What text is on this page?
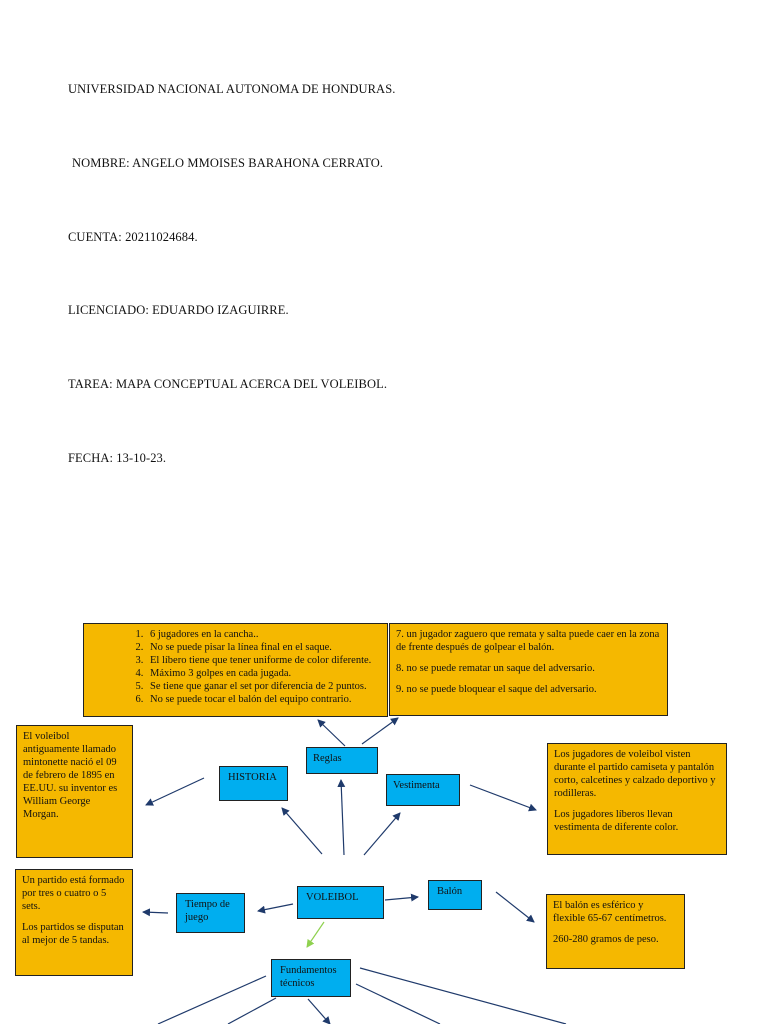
UNIVERSIDAD NACIONAL AUTONOMA DE HONDURAS.
NOMBRE: ANGELO MMOISES BARAHONA CERRATO.
CUENTA: 20211024684.
LICENCIADO: EDUARDO IZAGUIRRE.
TAREA: MAPA CONCEPTUAL ACERCA DEL VOLEIBOL.
FECHA: 13-10-23.
1. 6 jugadores en la cancha..
2. No se puede pisar la línea final en el saque.
3. El líbero tiene que tener uniforme de color diferente.
4. Máximo 3 golpes en cada jugada.
5. Se tiene que ganar el set por diferencia de 2 puntos.
6. No se puede tocar el balón del equipo contrario.

7. un jugador zaguero que remata y salta puede caer en la zona de frente después de golpear el balón.

8. no se puede rematar un saque del adversario.

9. no se puede bloquear el saque del adversario.

El voleibol antiguamente llamado mintonette nació el 09 de febrero de 1895 en EE.UU. su inventor es William George Morgan.

Los jugadores de voleibol visten durante el partido camiseta y pantalón corto, calcetines y calzado deportivo y rodilleras.

Los jugadores líberos llevan vestimenta de diferente color.

Un partido está formado por tres o cuatro o 5 sets.

Los partidos se disputan al mejor de 5 tandas.

El balón es esférico y flexible 65-67 centímetros.

260-280 gramos de peso.

Reglas
HISTORIA
Vestimenta
VOLEIBOL
Tiempo de juego
Balón
Fundamentos técnicos
